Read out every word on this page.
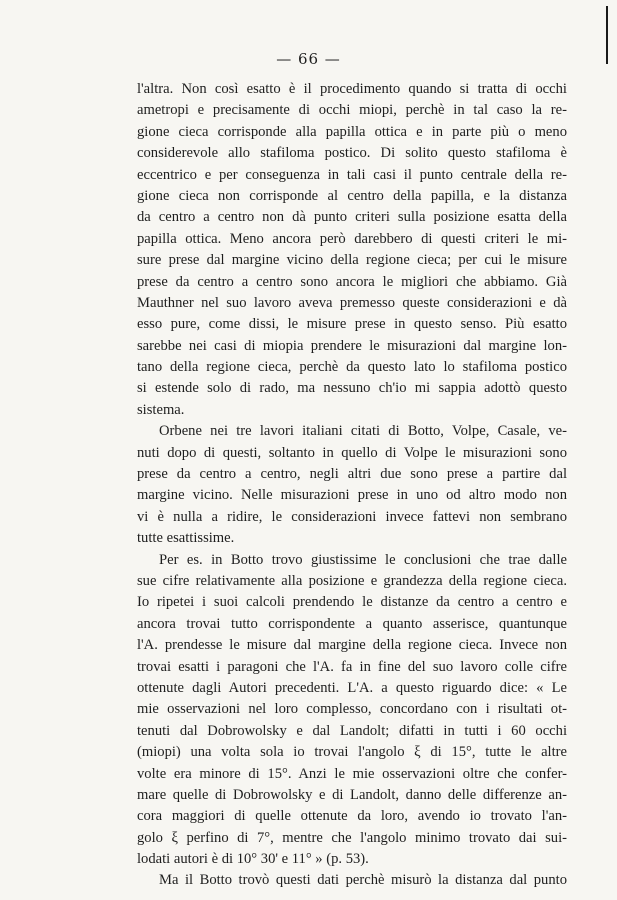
— 66 —
l'altra. Non così esatto è il procedimento quando si tratta di occhi
ametropi e precisamente di occhi miopi, perchè in tal caso la re-
gione cieca corrisponde alla papilla ottica e in parte più o meno
considerevole allo stafiloma postico. Di solito questo stafiloma è
eccentrico e per conseguenza in tali casi il punto centrale della re-
gione cieca non corrisponde al centro della papilla, e la distanza
da centro a centro non dà punto criteri sulla posizione esatta della
papilla ottica. Meno ancora però darebbero di questi criteri le mi-
sure prese dal margine vicino della regione cieca; per cui le misure
prese da centro a centro sono ancora le migliori che abbiamo. Già
Mauthner nel suo lavoro aveva premesso queste considerazioni e dà
esso pure, come dissi, le misure prese in questo senso. Più esatto
sarebbe nei casi di miopia prendere le misurazioni dal margine lon-
tano della regione cieca, perchè da questo lato lo stafiloma postico
si estende solo di rado, ma nessuno ch'io mi sappia adottò questo
sistema.
Orbene nei tre lavori italiani citati di Botto, Volpe, Casale, ve-
nuti dopo di questi, soltanto in quello di Volpe le misurazioni sono
prese da centro a centro, negli altri due sono prese a partire dal
margine vicino. Nelle misurazioni prese in uno od altro modo non
vi è nulla a ridire, le considerazioni invece fattevi non sembrano
tutte esattissime.
Per es. in Botto trovo giustissime le conclusioni che trae dalle
sue cifre relativamente alla posizione e grandezza della regione cieca.
Io ripetei i suoi calcoli prendendo le distanze da centro a centro e
ancora trovai tutto corrispondente a quanto asserisce, quantunque
l'A. prendesse le misure dal margine della regione cieca. Invece non
trovai esatti i paragoni che l'A. fa in fine del suo lavoro colle cifre
ottenute dagli Autori precedenti. L'A. a questo riguardo dice: « Le
mie osservazioni nel loro complesso, concordano con i risultati ot-
tenuti dal Dobrowolsky e dal Landolt; difatti in tutti i 60 occhi
(miopi) una volta sola io trovai l'angolo ξ di 15°, tutte le altre
volte era minore di 15°. Anzi le mie osservazioni oltre che confer-
mare quelle di Dobrowolsky e di Landolt, danno delle differenze an-
cora maggiori di quelle ottenute da loro, avendo io trovato l'an-
golo ξ perfino di 7°, mentre che l'angolo minimo trovato dai sui-
lodati autori è di 10° 30' e 11° » (p. 53).
Ma il Botto trovò questi dati perchè misurò la distanza dal punto
